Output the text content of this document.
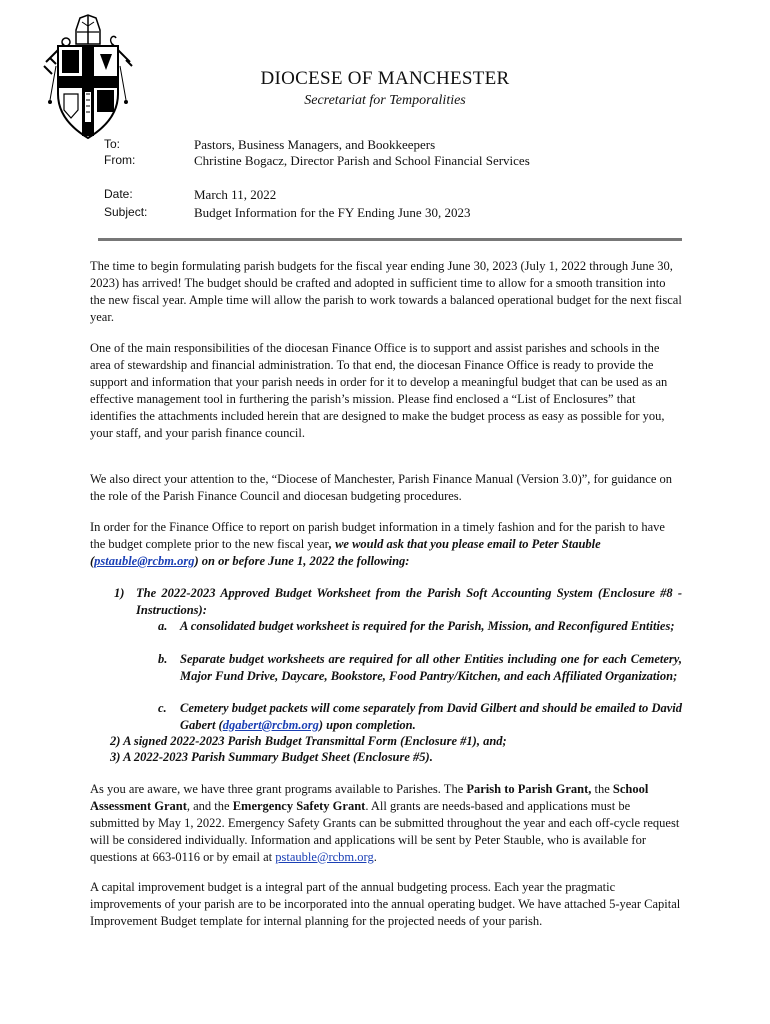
DIOCESE OF MANCHESTER
Secretariat for Temporalities
To:	Pastors, Business Managers, and Bookkeepers
From:	Christine Bogacz, Director Parish and School Financial Services
Date:	March 11, 2022
Subject:	Budget Information for the FY Ending June 30, 2023
The time to begin formulating parish budgets for the fiscal year ending June 30, 2023 (July 1, 2022 through June 30, 2023) has arrived! The budget should be crafted and adopted in sufficient time to allow for a smooth transition into the new fiscal year. Ample time will allow the parish to work towards a balanced operational budget for the next fiscal year.
One of the main responsibilities of the diocesan Finance Office is to support and assist parishes and schools in the area of stewardship and financial administration. To that end, the diocesan Finance Office is ready to provide the support and information that your parish needs in order for it to develop a meaningful budget that can be used as an effective management tool in furthering the parish’s mission. Please find enclosed a “List of Enclosures” that identifies the attachments included herein that are designed to make the budget process as easy as possible for you, your staff, and your parish finance council.
We also direct your attention to the, “Diocese of Manchester, Parish Finance Manual (Version 3.0)”, for guidance on the role of the Parish Finance Council and diocesan budgeting procedures.
In order for the Finance Office to report on parish budget information in a timely fashion and for the parish to have the budget complete prior to the new fiscal year, we would ask that you please email to Peter Stauble (pstauble@rcbm.org) on or before June 1, 2022 the following:
1) The 2022-2023 Approved Budget Worksheet from the Parish Soft Accounting System (Enclosure #8 - Instructions):
a. A consolidated budget worksheet is required for the Parish, Mission, and Reconfigured Entities;
b. Separate budget worksheets are required for all other Entities including one for each Cemetery, Major Fund Drive, Daycare, Bookstore, Food Pantry/Kitchen, and each Affiliated Organization;
c. Cemetery budget packets will come separately from David Gilbert and should be emailed to David Gabert (dgabert@rcbm.org) upon completion.
2) A signed 2022-2023 Parish Budget Transmittal Form (Enclosure #1), and;
3) A 2022-2023 Parish Summary Budget Sheet (Enclosure #5).
As you are aware, we have three grant programs available to Parishes. The Parish to Parish Grant, the School Assessment Grant, and the Emergency Safety Grant. All grants are needs-based and applications must be submitted by May 1, 2022. Emergency Safety Grants can be submitted throughout the year and each off-cycle request will be considered individually. Information and applications will be sent by Peter Stauble, who is available for questions at 663-0116 or by email at pstauble@rcbm.org.
A capital improvement budget is a integral part of the annual budgeting process. Each year the pragmatic improvements of your parish are to be incorporated into the annual operating budget. We have attached 5-year Capital Improvement Budget template for internal planning for the projected needs of your parish.
